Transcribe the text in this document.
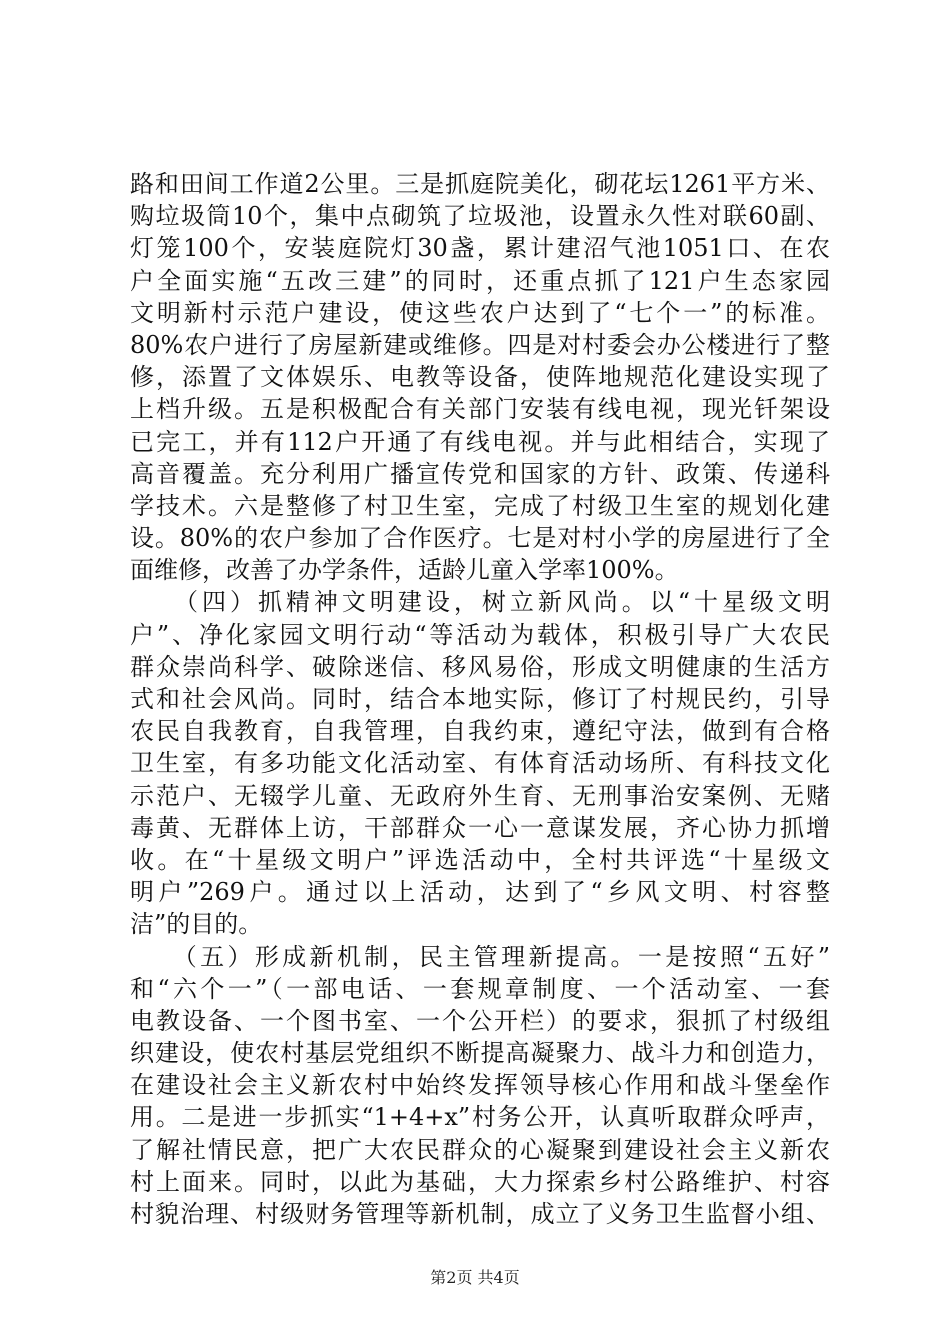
路和田间工作道2公里。三是抓庭院美化，砌花坛1261平方米、
购垃圾筒10个，集中点砌筑了垃圾池，设置永久性对联60副、
灯笼100个，安装庭院灯30盏，累计建沼气池1051口、在农
户全面实施“五改三建”的同时，还重点抓了121户生态家园
文明新村示范户建设，使这些农户达到了“七个一”的标准。
80%农户进行了房屋新建或维修。四是对村委会办公楼进行了整
修，添置了文体娱乐、电教等设备，使阵地规范化建设实现了
上档升级。五是积极配合有关部门安装有线电视，现光钎架设
已完工，并有112户开通了有线电视。并与此相结合，实现了
高音覆盖。充分利用广播宣传党和国家的方针、政策、传递科
学技术。六是整修了村卫生室，完成了村级卫生室的规划化建
设。80%的农户参加了合作医疗。七是对村小学的房屋进行了全
面维修，改善了办学条件，适龄儿童入学率100%。
　　（四）抓精神文明建设，树立新风尚。以“十星级文明
户”、净化家园文明行动“等活动为载体，积极引导广大农民
群众崇尚科学、破除迷信、移风易俗，形成文明健康的生活方
式和社会风尚。同时，结合本地实际，修订了村规民约，引导
农民自我教育，自我管理，自我约束，遵纪守法，做到有合格
卫生室，有多功能文化活动室、有体育活动场所、有科技文化
示范户、无辍学儿童、无政府外生育、无刑事治安案例、无赌
毒黄、无群体上访，干部群众一心一意谋发展，齐心协力抓增
收。在“十星级文明户”评选活动中，全村共评选“十星级文
明户”269户。通过以上活动，达到了“乡风文明、村容整
洁”的目的。
　　（五）形成新机制，民主管理新提高。一是按照“五好”
和“六个一”（一部电话、一套规章制度、一个活动室、一套
电教设备、一个图书室、一个公开栏）的要求，狠抓了村级组
织建设，使农村基层党组织不断提高凝聚力、战斗力和创造力，
在建设社会主义新农村中始终发挥领导核心作用和战斗堡垒作
用。二是进一步抓实“1+4+x”村务公开，认真听取群众呼声，
了解社情民意，把广大农民群众的心凝聚到建设社会主义新农
村上面来。同时，以此为基础，大力探索乡村公路维护、村容
村貌治理、村级财务管理等新机制，成立了义务卫生监督小组、
第2页 共4页
